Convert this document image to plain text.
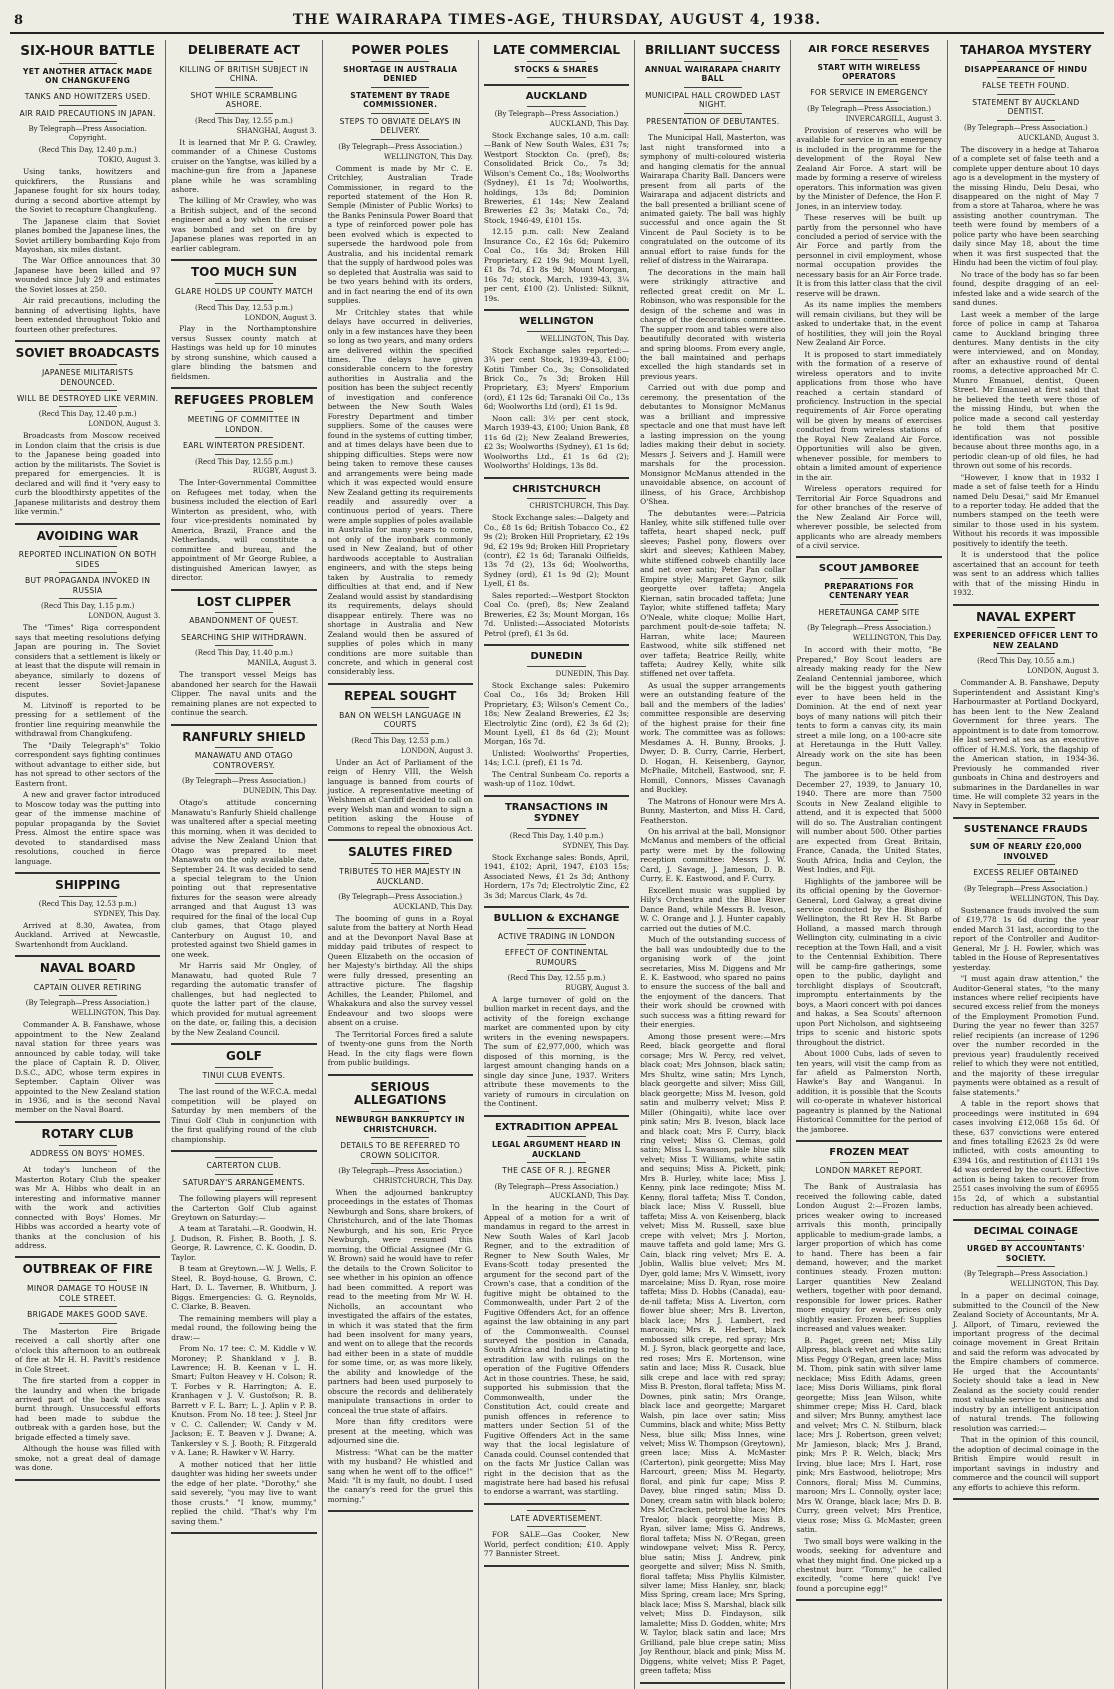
8	THE WAIRARAPA TIMES-AGE, THURSDAY, AUGUST 4, 1938.
SIX-HOUR BATTLE
YET ANOTHER ATTACK MADE ON CHANGKUFENG
TANKS AND HOWITZERS USED.
AIR RAID PRECAUTIONS IN JAPAN.
By Telegraph—Press Association. Copyright.
(Recd This Day, 12.40 p.m.)
TOKIO, August 3.

Using tanks, howitzers and quickfirers, the Russians and Japanese fought for six hours today, during a second abortive attempt by the Soviet to recapture Changkufeng.

The Japanese claim that Soviet planes bombed the Japanese lines, the Soviet artillery bombarding Kojo from Mayoshan, six miles distant.

The War Office announces that 30 Japanese have been killed and 97 wounded since July 29 and estimates the Soviet losses at 250.

Air raid precautions, including the banning of advertising lights, have been extended throughout Tokio and fourteen other prefectures.

SOVIET BROADCASTS
JAPANESE MILITARISTS DENOUNCED.
WILL BE DESTROYED LIKE VERMIN.
(Recd This Day, 12.40 p.m.)
LONDON, August 3.

Broadcasts from Moscow received in London claim that the crisis is due to the Japanese being goaded into action by the militarists. The Soviet is prepared for emergencies. It is declared and will find it "very easy to curb the bloodthirsty appetites of the Japanese militarists and destroy them like vermin."

AVOIDING WAR
REPORTED INCLINATION ON BOTH SIDES
BUT PROPAGANDA INVOKED IN RUSSIA
(Recd This Day, 1.15 p.m.)
LONDON, August 3.

The "Times" Riga correspondent says that meeting resolutions defying Japan are pouring in. The Soviet considers that a settlement is likely or at least that the dispute will remain in abeyance, similarly to dozens of recent lesser Soviet-Japanese disputes.

M. Litvinoff is reported to be pressing for a settlement of the frontier line requiring meanwhile the withdrawal from Changkufeng.

The "Daily Telegraph's" Tokio correspondent says fighting continues without advantage to either side, but has not spread to other sectors of the Eastern front.

A new and graver factor introduced to Moscow today was the putting into gear of the immense machine of popular propaganda by the Soviet Press. Almost the entire space was devoted to standardised mass resolutions, couched in fierce language.

SHIPPING
(Recd This Day, 12.53 p.m.)
SYDNEY, This Day.

Arrived at 8.30, Awatea, from Auckland. Arrived at Newcastle, Swartenhondt from Auckland.

NAVAL BOARD
CAPTAIN OLIVER RETIRING
(By Telegraph—Press Association.)
WELLINGTON, This Day.

Commander A. B. Fanshawe, whose appointment to the New Zealand naval station for three years was announced by cable today, will take the place of Captain R. D. Oliver, D.S.C., ADC, whose term expires in September. Captain Oliver was appointed to the New Zealand station in 1936, and is the second Naval member on the Naval Board.

ROTARY CLUB
ADDRESS ON BOYS' HOMES.

At today's luncheon of the Masterton Rotary Club the speaker was Mr A. Hibbs who dealt in an interesting and informative manner with the work and activities connected with Boys' Homes. Mr Hibbs was accorded a hearty vote of thanks at the conclusion of his address.

OUTBREAK OF FIRE
MINOR DAMAGE TO HOUSE IN COLE STREET.
BRIGADE MAKES GOOD SAVE.

The Masterton Fire Brigade received a call shortly after one o'clock this afternoon to an outbreak of fire at Mr H. H. Pavitt's residence in Cole Street.

The fire started from a copper in the laundry and when the brigade arrived part of the back wall was burnt through. Unsuccessful efforts had been made to subdue the outbreak with a garden hose, but the brigade effected a timely save.

Although the house was filled with smoke, not a great deal of damage was done.

DELIBERATE ACT
KILLING OF BRITISH SUBJECT IN CHINA.
SHOT WHILE SCRAMBLING ASHORE.
(Recd This Day, 12.55 p.m.)
SHANGHAI, August 3.

It is learned that Mr P. G. Crawley, commander of a Chinese Customs cruiser on the Yangtse, was killed by a machine-gun fire from a Japanese plane while he was scrambling ashore.

The killing of Mr Crawley, who was a British subject, and of the second engineer and a boy when the cruiser was bombed and set on fire by Japanese planes was reported in an earlier cablegram.

TOO MUCH SUN
GLARE HOLDS UP COUNTY MATCH
(Recd This Day, 12.53 p.m.)
LONDON, August 3.

Play in the Northamptonshire versus Sussex county match at Hastings was held up for 10 minutes by strong sunshine, which caused a glare blinding the batsmen and fieldsmen.

REFUGEES PROBLEM
MEETING OF COMMITTEE IN LONDON.
EARL WINTERTON PRESIDENT.
(Recd This Day, 12.55 p.m.)
RUGBY, August 3.

The Inter-Governmental Committee on Refugees met today, when the business included the election of Earl Winterton as president, who, with four vice-presidents nominated by America, Brazil, France and the Netherlands, will constitute a committee and bureau, and the appointment of Mr George Rublee, a distinguished American lawyer, as director.

LOST CLIPPER
ABANDONMENT OF QUEST.
SEARCHING SHIP WITHDRAWN.
(Recd This Day, 11.40 p.m.)
MANILA, August 3.

The transport vessel Meigs has abandoned her search for the Hawaii Clipper. The naval units and the remaining planes are not expected to continue the search.

RANFURLY SHIELD
MANAWATU AND OTAGO CONTROVERSY.
(By Telegraph—Press Association.)
DUNEDIN, This Day.

Otago's attitude concerning Manawatu's Ranfurly Shield challenge was unaltered after a special meeting this morning, when it was decided to advise the New Zealand Union that Otago was prepared to meet Manawatu on the only available date, September 24. It was decided to send a special telegram to the Union pointing out that representative fixtures for the season were already arranged and that August 13 was required for the final of the local Cup club games, that Otago played Canterbury on August 10, and protested against two Shield games in one week.

Mr Harris said Mr Ongley, of Manawatu, had quoted Rule 7 regarding the automatic transfer of challenges, but had neglected to quote the latter part of the clause, which provided for mutual agreement on the date, or, failing this, a decision by the New Zealand Council.

GOLF
TINUI CLUB EVENTS.

The last round of the W.F.C.A. medal competition will be played on Saturday by men members of the Tinui Golf Club in conjunction with the first qualifying round of the club championship.

CARTERTON CLUB.
SATURDAY'S ARRANGEMENTS.

The following players will represent the Carterton Golf Club against Greytown on Saturday:—

A team at Taratahi.—R. Goodwin, H. J. Dudson, R. Fisher, B. Booth, J. S. George, R. Lawrence, C. K. Goodin, D. Taylor.

B team at Greytown.—W. J. Wells, F. Steel, R. Boyd-house, G. Brown, C. Hart, D. L. Taverner, B. Whitburn, J. Biggs. Emergencies: G. G. Reynolds, C. Clarke, B. Beaven.

The remaining members will play a medal round, the following being the draw:—

From No. 17 tee: C. M. Kiddle v W. Moroney; P. Shankland v J. B. Lawrence; H. B. Keenan v L. H. Smart; Fulton Heavey v H. Colson; R. T. Forbes v R. Harrington; A. E. Kranhagen v J. V. Gustofson; R. B. Barrett v F. L. Barr; L. J. Aplin v P. B. Knutson. From No. 18 tee: J. Steel Jnr v C. C. Callender; W. Candy v M. Jackson; E. T. Beaven v J. Dwane; A. Tankersley v S. J. Booth; R. Fitzgerald v A. Lane; R. Hawker v W. Harry.

A mother noticed that her little daughter was hiding her sweets under the edge of her plate. "Dorothy," she said severely, "you may live to want those crusts." "I know, mummy," replied the child. "That's why I'm saving them."

POWER POLES
SHORTAGE IN AUSTRALIA DENIED
STATEMENT BY TRADE COMMISSIONER.
STEPS TO OBVIATE DELAYS IN DELIVERY.
(By Telegraph—Press Association.)
WELLINGTON, This Day.

Comment is made by Mr C. E. Critchley, Australian Trade Commissioner, in regard to the reported statement of the Hon R. Semple (Minister of Public Works) to the Banks Peninsula Power Board that a type of reinforced power pole has been evolved which is expected to supersede the hardwood pole from Australia, and his incidental remark that the supply of hardwood poles was so depleted that Australia was said to be two years behind with its orders, and in fact nearing the end of its own supplies.

Mr Critchley states that while delays have occurred in deliveries, only in a few instances have they been so long as two years, and many orders are delivered within the specified times. The delays have given considerable concern to the forestry authorities in Australia and the position has been the subject recently of investigation and conference between the New South Wales Forestry Department and timber suppliers. Some of the causes were found in the systems of cutting timber, and at times delays have been due to shipping difficulties. Steps were now being taken to remove these causes and arrangements were being made which it was expected would ensure New Zealand getting its requirements readily and assuredly over a continuous period of years. There were ample supplies of poles available in Australia for many years to come, not only of the ironbark commonly used in New Zealand, but of other hardwoods acceptable to Australian engineers, and with the steps being taken by Australia to remedy difficulties at that end, and if New Zealand would assist by standardising its requirements, delays should disappear entirely. There was no shortage in Australia and New Zealand would then be assured of supplies of poles which in many conditions are more suitable than concrete, and which in general cost considerably less.

REPEAL SOUGHT
BAN ON WELSH LANGUAGE IN COURTS
(Recd This Day, 12.53 p.m.)
LONDON, August 3.

Under an Act of Parliament of the reign of Henry VIII, the Welsh language is banned from courts of justice. A representative meeting of Welshmen at Cardiff decided to call on every Welsh man and woman to sign a petition asking the House of Commons to repeal the obnoxious Act.

SALUTES FIRED
TRIBUTES TO HER MAJESTY IN AUCKLAND.
(By Telegraph—Press Association.)
AUCKLAND, This Day.

The booming of guns in a Royal salute from the battery at North Head and at the Devonport Naval Base at midday paid tributes of respect to Queen Elizabeth on the occasion of her Majesty's birthday. All the ships were fully dressed, presenting an attractive picture. The flagship Achilles, the Leander, Philomel, and Whakakura and also the survey vessel Endeavour and two sloops were absent on a cruise.

The Territorial Forces fired a salute of twenty-one guns from the North Head. In the city flags were flown from public buildings.

SERIOUS ALLEGATIONS
NEWBURGH BANKRUPTCY IN CHRISTCHURCH.
DETAILS TO BE REFERRED TO CROWN SOLICITOR.
(By Telegraph—Press Association.)
CHRISTCHURCH, This Day.

When the adjourned bankruptcy proceedings in the estates of Thomas Newburgh and Sons, share brokers, of Christchurch, and of the late Thomas Newburgh, and his son, Eric Pryce Newburgh, were resumed this morning, the Official Assignee (Mr G. W. Brown) said he would have to refer the details to the Crown Solicitor to see whether in his opinion an offence had been committed. A report was read to the meeting from Mr W. H. Nicholls, an accountant who investigated the affairs of the estates, in which it was stated that the firm had been insolvent for many years, and went on to allege that the records had either been in a state of muddle for some time, or, as was more likely, the ability and knowledge of the partners had been used purposely to obscure the records and deliberately manipulate transactions in order to conceal the true state of affairs.

More than fifty creditors were present at the meeting, which was adjourned sine die.

Mistress: "What can be the matter with my husband? He whistled and sang when he went off to the office!" Maid: "It is my fault, no doubt. I used the canary's reed for the gruel this morning."

LATE COMMERCIAL
STOCKS & SHARES
AUCKLAND
(By Telegraph—Press Association.)
AUCKLAND, This Day.

Stock Exchange sales, 10 a.m. call:—Bank of New South Wales, £31 7s; Westport Stockton Co. (pref), 8s; Consolidated Brick Co., 7s 3d; Wilson's Cement Co., 18s; Woolworths (Sydney), £1 1s 7d; Woolworths, holdings, 13s 8d; Dominion Breweries, £1 14s; New Zealand Breweries £2 3s; Mataki Co., 7d; Stock, 1946-49, £101 15s.

12.15 p.m. call: New Zealand Insurance Co., £2 16s 6d; Pukemiro Coal Co., 16s 3d; Broken Hill Proprietary, £2 19s 9d; Mount Lyell, £1 8s 7d, £1 8s 9d; Mount Morgan, 16s 7d; stock, March, 1939-43, 3¼ per cent, £100 (2). Unlisted: Silknit, 19s.

WELLINGTON
WELLINGTON, This Day.

Stock Exchange sales reported:—3¾ per cent Stock, 1939-43, £100; Kotiti Timber Co., 3s; Consolidated Brick Co., 7s 3d; Broken Hill Proprietary, £3; Myers' Emporium (ord), £1 12s 6d; Taranaki Oil Co., 13s 6d; Woolworths Ltd (ord), £1 1s 9d.

Noon call: 3½ per cent stock, March 1939-43, £100; Union Bank, £8 11s 6d (2); New Zealand Breweries, £2 3s; Woolworths (Sydney), £1 1s 6d; Woolworths Ltd., £1 1s 6d (2); Woolworths' Holdings, 13s 8d.

CHRISTCHURCH
CHRISTCHURCH, This Day.

Stock Exchange sales:—Dalgety and Co., £8 1s 6d; British Tobacco Co., £2 9s (2); Broken Hill Proprietary, £2 19s 9d, £2 19s 9d; Broken Hill Proprietary (contr), £2 1s 6d; Taranaki Oilfields, 13s 7d (2), 13s 6d; Woolworths, Sydney (ord), £1 1s 9d (2); Mount Lyell, £1 8s.

Sales reported:—Westport Stockton Coal Co. (pref), 8s; New Zealand Breweries, £2 3s; Mount Morgan, 16s 7d. Unlisted:—Associated Motorists Petrol (pref), £1 3s 6d.

DUNEDIN
DUNEDIN, This Day.

Stock Exchange sales: Pukemiro Coal Co., 16s 3d; Broken Hill Proprietary, £3; Wilson's Cement Co., 18s; New Zealand Breweries, £2 3s; Electrolytic Zinc (ord), £2 3s 6d (2); Mount Lyell, £1 8s 6d (2); Mount Morgan, 16s 7d.

Unlisted: Woolworths' Properties, 14s; I.C.I. (pref), £1 1s 7d.

The Central Sunbeam Co. reports a wash-up of 11oz. 10dwt.

TRANSACTIONS IN SYDNEY
(Recd This Day, 1.40 p.m.)
SYDNEY, This Day.

Stock Exchange sales: Bonds, April, 1941, £102; April, 1947, £103 15s; Associated News, £1 2s 3d; Anthony Hordern, 17s 7d; Electrolytic Zinc, £2 3s 3d; Marcus Clark, 4s 7d.

BULLION & EXCHANGE
ACTIVE TRADING IN LONDON
EFFECT OF CONTINENTAL RUMOURS
(Recd This Day, 12.55 p.m.)
RUGBY, August 3.

A large turnover of gold on the bullion market in recent days, and the activity of the foreign exchange market are commented upon by city writers in the evening newspapers. The sum of £2,977,000, which was disposed of this morning, is the largest amount changing hands on a single day since June, 1937. Writers attribute these movements to the variety of rumours in circulation on the Continent.

EXTRADITION APPEAL
LEGAL ARGUMENT HEARD IN AUCKLAND
THE CASE OF R. J. REGNER
(By Telegraph—Press Association.)
AUCKLAND, This Day.

In the hearing in the Court of Appeal of a motion for a writ of mandamus in regard to the arrest in New South Wales of Karl Jacob Regner, and to the extradition of Regner to New South Wales, Mr Evans-Scott today presented the argument for the second part of the Crown's case, that a condition of the fugitive might be obtained to the Commonwealth, under Part 2 of the Fugitive Offenders Act, for an offence against the law obtaining in any part of the Commonwealth. Counsel surveyed the position in Canada, South Africa and India as relating to extradition law with rulings on the operation of the Fugitive Offenders Act in those countries. These, he said, supported his submission that the Commonwealth, under the Constitution Act, could create and punish offences in reference to matters under Section 51 of the Fugitive Offenders Act in the same way that the local legislature of Canada could. Counsel contended that on the facts Mr Justice Callan was right in the decision that as the magistrate here had based his refusal to endorse a warrant, was startling.

LATE ADVERTISEMENT.

FOR SALE—Gas Cooker, New World, perfect condition; £10. Apply 77 Bannister Street.

BRILLIANT SUCCESS
ANNUAL WAIRARAPA CHARITY BALL
MUNICIPAL HALL CROWDED LAST NIGHT.
PRESENTATION OF DEBUTANTES.

The Municipal Hall, Masterton, was last night transformed into a symphony of multi-coloured wisteria and hanging clematis for the annual Wairarapa Charity Ball. Dancers were present from all parts of the Wairarapa and adjacent districts and the ball presented a brilliant scene of animated gaiety. The ball was highly successful and once again the St Vincent de Paul Society is to be congratulated on the outcome of its annual effort to raise funds for the relief of distress in the Wairarapa.

The decorations in the main hall were strikingly attractive and reflected great credit on Mr L. Robinson, who was responsible for the design of the scheme and was in charge of the decorations committee. The supper room and tables were also beautifully decorated with wisteria and spring blooms. From every angle, the ball maintained and perhaps excelled the high standards set in previous years.

Carried out with due pomp and ceremony, the presentation of the debutantes to Monsignor McManus was a brilliant and impressive spectacle and one that must have left a lasting impression on the young ladies making their debut in society. Messrs J. Seivers and J. Hamill were marshals for the procession. Monsignor McManus attended in the unavoidable absence, on account of illness, of his Grace, Archbishop O'Shea.

The debutantes were:—Patricia Hanley, white silk stiffened tulle over taffeta, heart shaped neck, puff sleeves; Pashel pony, flowers over skirt and sleeves; Kathleen Mabey, white stiffened cobweb chantilly lace and net over satin; Peter Pan collar Empire style; Margaret Gaynor, silk georgette over taffeta; Angela Kiernan, satin brocaded taffeta; June Taylor, white stiffened taffeta; Mary O'Neale, white cloque; Mollie Hart, parchment poult-de-soie taffeta; N. Harran, white lace; Maureen Eastwood, white silk stiffened net over taffeta; Beatrice Reilly, white taffeta; Audrey Kelly, white silk stiffened net over taffeta.

As usual the supper arrangements were an outstanding feature of the ball and the members of the ladies' committee responsible are deserving of the highest praise for their fine work. The committee was as follows: Mesdames A. H. Bunny, Brooks, J. Dwyer, D. B. Curry, Carrie, Herbert, D. Hogan, H. Keisenberg, Gaynor, McPhaile, Mitchell, Eastwood, snr, F. Homill, Connors, Misses Cavanagh and Buckley.

The Matrons of Honour were Mrs A. Bunny, Masterton, and Miss H. Card, Featherston.

On his arrival at the ball, Monsignor McManus and members of the official party were met by the following reception committee: Messrs J. W. Card, J. Savage, J. Jameson, D. B. Curry, E. K. Eastwood, and F. Curry.

Excellent music was supplied by Hily's Orchestra and the Blue River Dance Band, while Messrs B. Iveson, W. C. Orange and J. J. Hunter capably carried out the duties of M.C.

Much of the outstanding success of the ball was undoubtedly due to the organising work of the joint secretaries, Miss M. Diggens and Mr E. K. Eastwood, who spared no pains to ensure the success of the ball and the enjoyment of the dancers. That their work should be crowned with such success was a fitting reward for their energies.

Among those present were:—Mrs Reed, black georgette and floral corsage; Mrs W. Percy, red velvet, black coat; Mrs Johnson, black satin; Mrs Shultz, wine satin; Mrs Lynch, black georgette and silver; Miss Gill, black georgette; Miss M. Iveson, gold satin and mulberry velvet; Miss P. Miller (Ohingaiti), white lace over pink satin; Mrs B. Iveson, black lace and black coat; Mrs F. Curry, black ring velvet; Miss G. Clemas, gold satin; Miss L. Swanson, pale blue silk velvet; Miss T. Williams, white satin and sequins; Miss A. Pickett, pink; Mrs B. Hurley, white lace; Miss J. Kenny, pink lace redingote; Miss M. Kenny, floral taffeta; Miss T. Condon, black lace; Miss V. Russell, blue taffeta; Miss A. von Keisenberg, black velvet; Miss M. Russell, saxe blue crepe with velvet; Mrs J. Morton, mauve taffeta and gold lame; Mrs G. Cain, black ring velvet; Mrs E. A. Joblin, Wallis blue velvet; Mrs M. Dyer, gold lame; Mrs V. Wimsett, ivory marcelaine; Miss D. Ryan, rose moire taffeta; Miss D. Hobbs (Canada), eau-de-nil taffeta; Miss A. Liverton, corn flower blue sheer; Mrs B. Liverton, black lace; Mrs J. Lambert, red marocain; Mrs R. Herbert, black embossed silk crepe, red spray; Mrs M. J. Syron, black georgette and lace, red roses; Mrs E. Mortenson, wine satin and lace; Miss R. Cusack, blue silk crepe and lace with red spray; Miss B. Preston, floral taffeta; Miss M. Downes, pink satin; Mrs Orange, black lace and georgette; Margaret Walsh, pin lace over satin; Miss Cummins, black and white; Miss Betty Ness, blue silk; Miss Innes, wine velvet; Miss W. Thompson (Greytown), green lace; Miss A. McMaster (Carterton), pink georgette; Miss May Harcourt, green; Miss M. Hegarty, floral, and pink fur cape; Miss P. Davey, blue ringed satin; Miss D. Doney, cream satin with black bolero; Mrs McCracken, petrol blue lace; Mrs Trealor, black georgette; Miss B. Ryan, silver lame; Miss G. Andrews, floral taffeta; Miss N. O'Regan, green windowpane velvet; Miss R. Percy, blue satin; Miss J. Andrew, pink georgette and silver; Miss N. Smith, floral taffeta; Miss Phyllis Kilmister, silver lame; Miss Hanley, snr, black; Miss Spring, cream lace; Mrs Spring, black lace; Miss S. Marshal, black silk velvet; Miss D. Findayson, silk lamalette; Miss D. Godden, white; Mrs W. Taylor, black satin and lace; Mrs Grilliand, pale blue crepe satin; Miss Joy Renthour, black and pink; Miss M. Diggens, white velvet; Miss P. Paget, green taffeta; Miss

AIR FORCE RESERVES
START WITH WIRELESS OPERATORS
FOR SERVICE IN EMERGENCY
(By Telegraph—Press Association.)
INVERCARGILL, August 3.

Provision of reserves who will be available for service in an emergency is included in the programme for the development of the Royal New Zealand Air Force. A start will be made by forming a reserve of wireless operators. This information was given by the Minister of Defence, the Hon F. Jones, in an interview today.

These reserves will be built up partly from the personnel who have concluded a period of service with the Air Force and partly from the personnel in civil employment, whose normal occupation provides the necessary basis for an Air Force trade. It is from this latter class that the civil reserve will be drawn.

As its name implies the members will remain civilians, but they will be asked to undertake that, in the event of hostilities, they will join the Royal New Zealand Air Force.

It is proposed to start immediately with the formation of a reserve of wireless operators and to invite applications from those who have reached a certain standard of proficiency. Instruction in the special requirements of Air Force operating will be given by means of exercises conducted from wireless stations of the Royal New Zealand Air Force. Opportunities will also be given, whenever possible, for members to obtain a limited amount of experience in the air.

Wireless operators required for Territorial Air Force Squadrons and for other branches of the reserve of the New Zealand Air Force will, wherever possible, be selected from applicants who are already members of a civil service.

SCOUT JAMBOREE
PREPARATIONS FOR CENTENARY YEAR
HERETAUNGA CAMP SITE
(By Telegraph—Press Association.)
WELLINGTON, This Day.

In accord with their motto, "Be Prepared," Boy Scout leaders are already making ready for the New Zealand Centennial jamboree, which will be the biggest youth gathering ever to have been held in the Dominion. At the end of next year boys of many nations will pitch their tents to form a canvas city, its main street a mile long, on a 100-acre site at Heretaunga in the Hutt Valley. Already work on the site has been begun.

The jamboree is to be held from December 27, 1939, to January 10, 1940. There are more than 7500 Scouts in New Zealand eligible to attend, and it is expected that 5000 will do so. The Australian contingent will number about 500. Other parties are expected from Great Britain, France, Canada, the United States, South Africa, India and Ceylon, the West Indies, and Fiji.

Highlights of the jamboree will be its official opening by the Governor-General, Lord Galway, a great divine service conducted by the Bishop of Wellington, the Rt Rev H. St Barbe Holland, a massed march through Wellington city, culminating in a civic reception at the Town Hall, and a visit to the Centennial Exhibition. There will be camp-fire gatherings, some open to the public, daylight and torchlight displays of Scoutcraft, impromptu entertainments by the boys, a Maori concert with poi dances and hakas, a Sea Scouts' afternoon upon Port Nicholson, and sightseeing trips to scenic and historic spots throughout the district.

About 1000 Cubs, lads of seven to ten years, will visit the camp from as far afield as Palmerston North, Hawke's Bay and Wanganui. In addition, it is possible that the Scouts will co-operate in whatever historical pageantry is planned by the National Historical Committee for the period of the jamboree.

FROZEN MEAT
LONDON MARKET REPORT.

The Bank of Australasia has received the following cable, dated London August 2:—Frozen lambs, prices weaker owing to increased arrivals this month, principally applicable to medium-grade lambs, a larger proportion of which has come to hand. There has been a fair demand, however, and the market continues steady. Frozen mutton: Larger quantities New Zealand wethers, together with poor demand, responsible for lower prices. Rather more enquiry for ewes, prices only slightly easier. Frozen beef: Supplies increased and values weaker.

B. Paget, green net; Miss Lily Allpress, black velvet and white satin; Miss Peggy O'Regan, green lace; Miss M. Thom, pink satin with silver lame necklace; Miss Edith Adams, green lace; Miss Doris Williams, pink floral georgette; Miss Jean Wilson, white shimmer crepe; Miss H. Card, black and silver; Mrs Bunny, amythest lace and velvet; Mrs C. N. Stilburn, black lace; Mrs J. Robertson, green velvet; Mr Jamieson, black; Mrs J. Brand, pink; Mrs P. R. Welch, black; Mrs Irving, blue lace; Mrs I. Hart, rose pink; Mrs Eastwood, heliotrope; Mrs Connors, floral; Miss M. Cummins, maroon; Mrs L. Connolly, oyster lace; Mrs W. Orange, black lace; Mrs D. B. Curry, green velvet; Mrs Prentice, vieux rose; Miss G. McMaster, green satin.

Two small boys were walking in the woods, seeking for adventure and what they might find. One picked up a chestnut burr. "Tommy," he called excitedly, "come here quick! I've found a porcupine egg!"

TAHAROA MYSTERY
DISAPPEARANCE OF HINDU
FALSE TEETH FOUND.
STATEMENT BY AUCKLAND DENTIST.
(By Telegraph—Press Association.)
AUCKLAND, August 3.

The discovery in a hedge at Taharoa of a complete set of false teeth and a complete upper denture about 10 days ago is a development in the mystery of the missing Hindu, Delu Desai, who disappeared on the night of May 7 from a store at Taharoa, where he was assisting another countryman. The teeth were found by members of a police party who have been searching daily since May 18, about the time when it was first suspected that the Hindu had been the victim of foul play.

No trace of the body has so far been found, despite dragging of an eel-infested lake and a wide search of the sand dunes.

Last week a member of the large force of police in camp at Taharoa came to Auckland bringing three dentures. Many dentists in the city were interviewed, and on Monday, after an exhaustive round of dental rooms, a detective approached Mr C. Munro Emanuel, dentist, Queen Street. Mr Emanuel at first said that he believed the teeth were those of the missing Hindu, but when the police made a second call yesterday he told them that positive identification was not possible because about three months ago, in a periodic clean-up of old files, he had thrown out some of his records.

"However, I know that in 1932 I made a set of false teeth for a Hindu named Delu Desai," said Mr Emanuel to a reporter today. He added that the numbers stamped on the teeth were similar to those used in his system. Without his records it was impossible positively to identify the teeth.

It is understood that the police ascertained that an account for teeth was sent to an address which tallies with that of the missing Hindu in 1932.

NAVAL EXPERT
EXPERIENCED OFFICER LENT TO NEW ZEALAND
(Recd This Day, 10.55 a.m.)
LONDON, August 3.

Commander A. B. Fanshawe, Deputy Superintendent and Assistant King's Harbourmaster at Portland Dockyard, has been lent to the New Zealand Government for three years. The appointment is to date from tomorrow. He last served at sea as an executive officer of H.M.S. York, the flagship of the American station, in 1934-36. Previously he commanded river gunboats in China and destroyers and submarines in the Dardanelles in war time. He will complete 32 years in the Navy in September.

SUSTENANCE FRAUDS
SUM OF NEARLY £20,000 INVOLVED
EXCESS RELIEF OBTAINED
(By Telegraph—Press Association.)
WELLINGTON, This Day.

Sustenance frauds involved the sum of £19,778 1s 6d during the year ended March 31 last, according to the report of the Controller and Auditor-General, Mr J. H. Fowler, which was tabled in the House of Representatives yesterday.

"I must again draw attention," the Auditor-General states, "to the many instances where relief recipients have secured excess relief from the moneys of the Employment Promotion Fund. During the year no fewer than 3257 relief recipients (an increase of 1296 over the number recorded in the previous year) fraudulently received relief to which they were not entitled, and the majority of these irregular payments were obtained as a result of false statements."

A table in the report shows that proceedings were instituted in 694 cases involving £12,068 15s 6d. Of these, 637 convictions were entered and fines totalling £2623 2s 0d were inflicted, with costs amounting to £394 16s, and restitution of £1131 19s 4d was ordered by the court. Effective action is being taken to recover from 2551 cases involving the sum of £6955 15s 2d, of which a substantial reduction has already been achieved.

DECIMAL COINAGE
URGED BY ACCOUNTANTS' SOCIETY.
(By Telegraph—Press Association.)
WELLINGTON, This Day.

In a paper on decimal coinage, submitted to the Council of the New Zealand Society of Accountants, Mr A. J. Allport, of Timaru, reviewed the important progress of the decimal coinage movement in Great Britain and said the reform was advocated by the Empire chambers of commerce. He urged that the Accountants' Society should take a lead in New Zealand as the society could render most valuable service to business and industry by an intelligent anticipation of natural trends. The following resolution was carried:—

That in the opinion of this council, the adoption of decimal coinage in the British Empire would result in important savings in industry and commerce and the council will support any efforts to achieve this reform.
